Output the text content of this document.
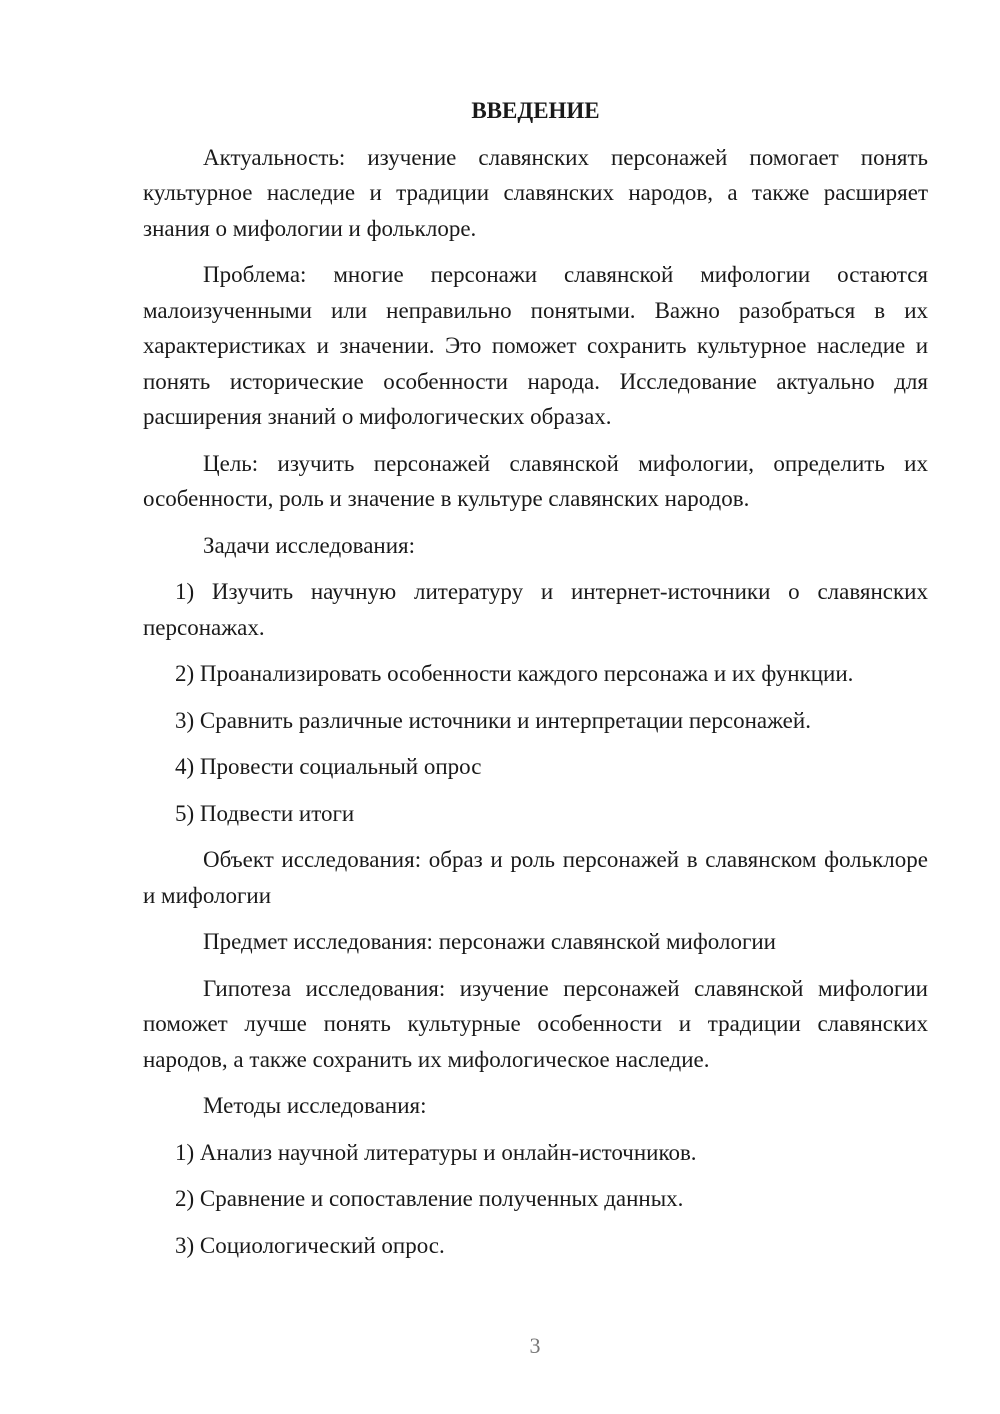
ВВЕДЕНИЕ

Актуальность: изучение славянских персонажей помогает понять культурное наследие и традиции славянских народов, а также расширяет знания о мифологии и фольклоре.

Проблема: многие персонажи славянской мифологии остаются малоизученными или неправильно понятыми. Важно разобраться в их характеристиках и значении. Это поможет сохранить культурное наследие и понять исторические особенности народа. Исследование актуально для расширения знаний о мифологических образах.

Цель: изучить персонажей славянской мифологии, определить их особенности, роль и значение в культуре славянских народов.

Задачи исследования:

1) Изучить научную литературу и интернет-источники о славянских персонажах.

2) Проанализировать особенности каждого персонажа и их функции.

3) Сравнить различные источники и интерпретации персонажей.

4) Провести социальный опрос

5) Подвести итоги

Объект исследования: образ и роль персонажей в славянском фольклоре и мифологии

Предмет исследования: персонажи славянской мифологии

Гипотеза исследования: изучение персонажей славянской мифологии поможет лучше понять культурные особенности и традиции славянских народов, а также сохранить их мифологическое наследие.

Методы исследования:

1) Анализ научной литературы и онлайн-источников.

2) Сравнение и сопоставление полученных данных.

3) Социологический опрос.

3
